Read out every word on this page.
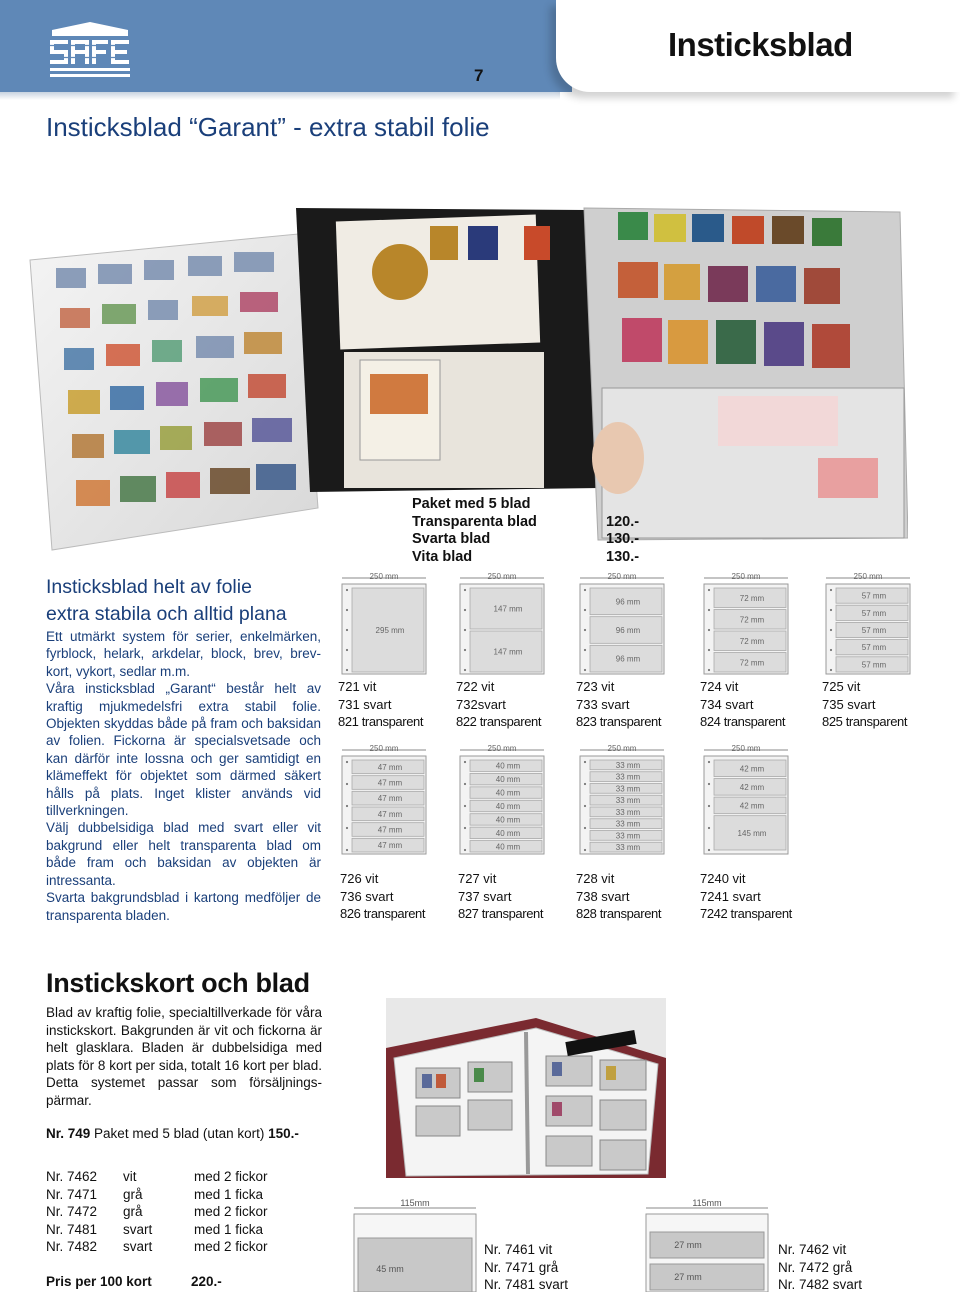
7
Insticksblad
Insticksblad “Garant” - extra stabil folie
Paket med 5 blad
Transparenta blad	120.-
Svarta blad	130.-
Vita blad	130.-
Insticksblad helt av folie
extra stabila och alltid plana

Ett utmärkt system för serier, enkelmärken, fyrblock, helark, arkdelar, block, brev, brev-kort, vykort, sedlar m.m.

Våra insticksblad „Garant“ består helt av kraftig mjukmedelsfri extra stabil folie. Objekten skyddas både på fram och baksidan av folien. Fickorna är specialsvetsade och kan därför inte lossna och ger samtidigt en klämeffekt för objektet som därmed säkert hålls på plats. Inget klister används vid tillverkningen.

Välj dubbelsidiga blad med svart eller vit bakgrund eller helt transparenta blad om både fram och baksidan av objekten är intressanta.

Svarta bakgrundsblad i kartong medföljer de transparenta bladen.

250 mm
295 mm
721 vit
731 svart
821 transparent
250 mm
147 mm
147 mm
722 vit
732svart
822 transparent
250 mm
96 mm
96 mm
96 mm
723 vit
733 svart
823 transparent
250 mm
72 mm
72 mm
72 mm
72 mm
724 vit
734 svart
824 transparent
250 mm
57 mm
57 mm
57 mm
57 mm
57 mm
725 vit
735 svart
825 transparent
250 mm
47 mm
47 mm
47 mm
47 mm
47 mm
47 mm
726 vit
736 svart
826 transparent
250 mm
40 mm
40 mm
40 mm
40 mm
40 mm
40 mm
40 mm
727 vit
737 svart
827 transparent
250 mm
33 mm
33 mm
33 mm
33 mm
33 mm
33 mm
33 mm
33 mm
728 vit
738 svart
828 transparent
250 mm
42 mm
42 mm
42 mm
145 mm
7240 vit
7241 svart
7242 transparent
Instickskort och blad
Blad av kraftig folie, specialtillverkade för våra instickskort. Bakgrunden är vit och fickorna är helt glasklara. Bladen är dubbelsidiga med plats för 8 kort per sida, totalt 16 kort per blad. Detta systemet passar som försäljningspärmar.
Nr. 749 Paket med 5 blad (utan kort) 150.-
Nr. 7462	vit	med 2 fickor
Nr. 7471	grå	med 1 ficka
Nr. 7472	grå	med 2 fickor
Nr. 7481	svart	med 1 ficka
Nr. 7482	svart	med 2 fickor
Pris per 100 kort	220.-
115mm
45 mm
Nr. 7461 vit
Nr. 7471 grå
Nr. 7481 svart
115mm
27 mm
27 mm
Nr. 7462 vit
Nr. 7472 grå
Nr. 7482 svart
